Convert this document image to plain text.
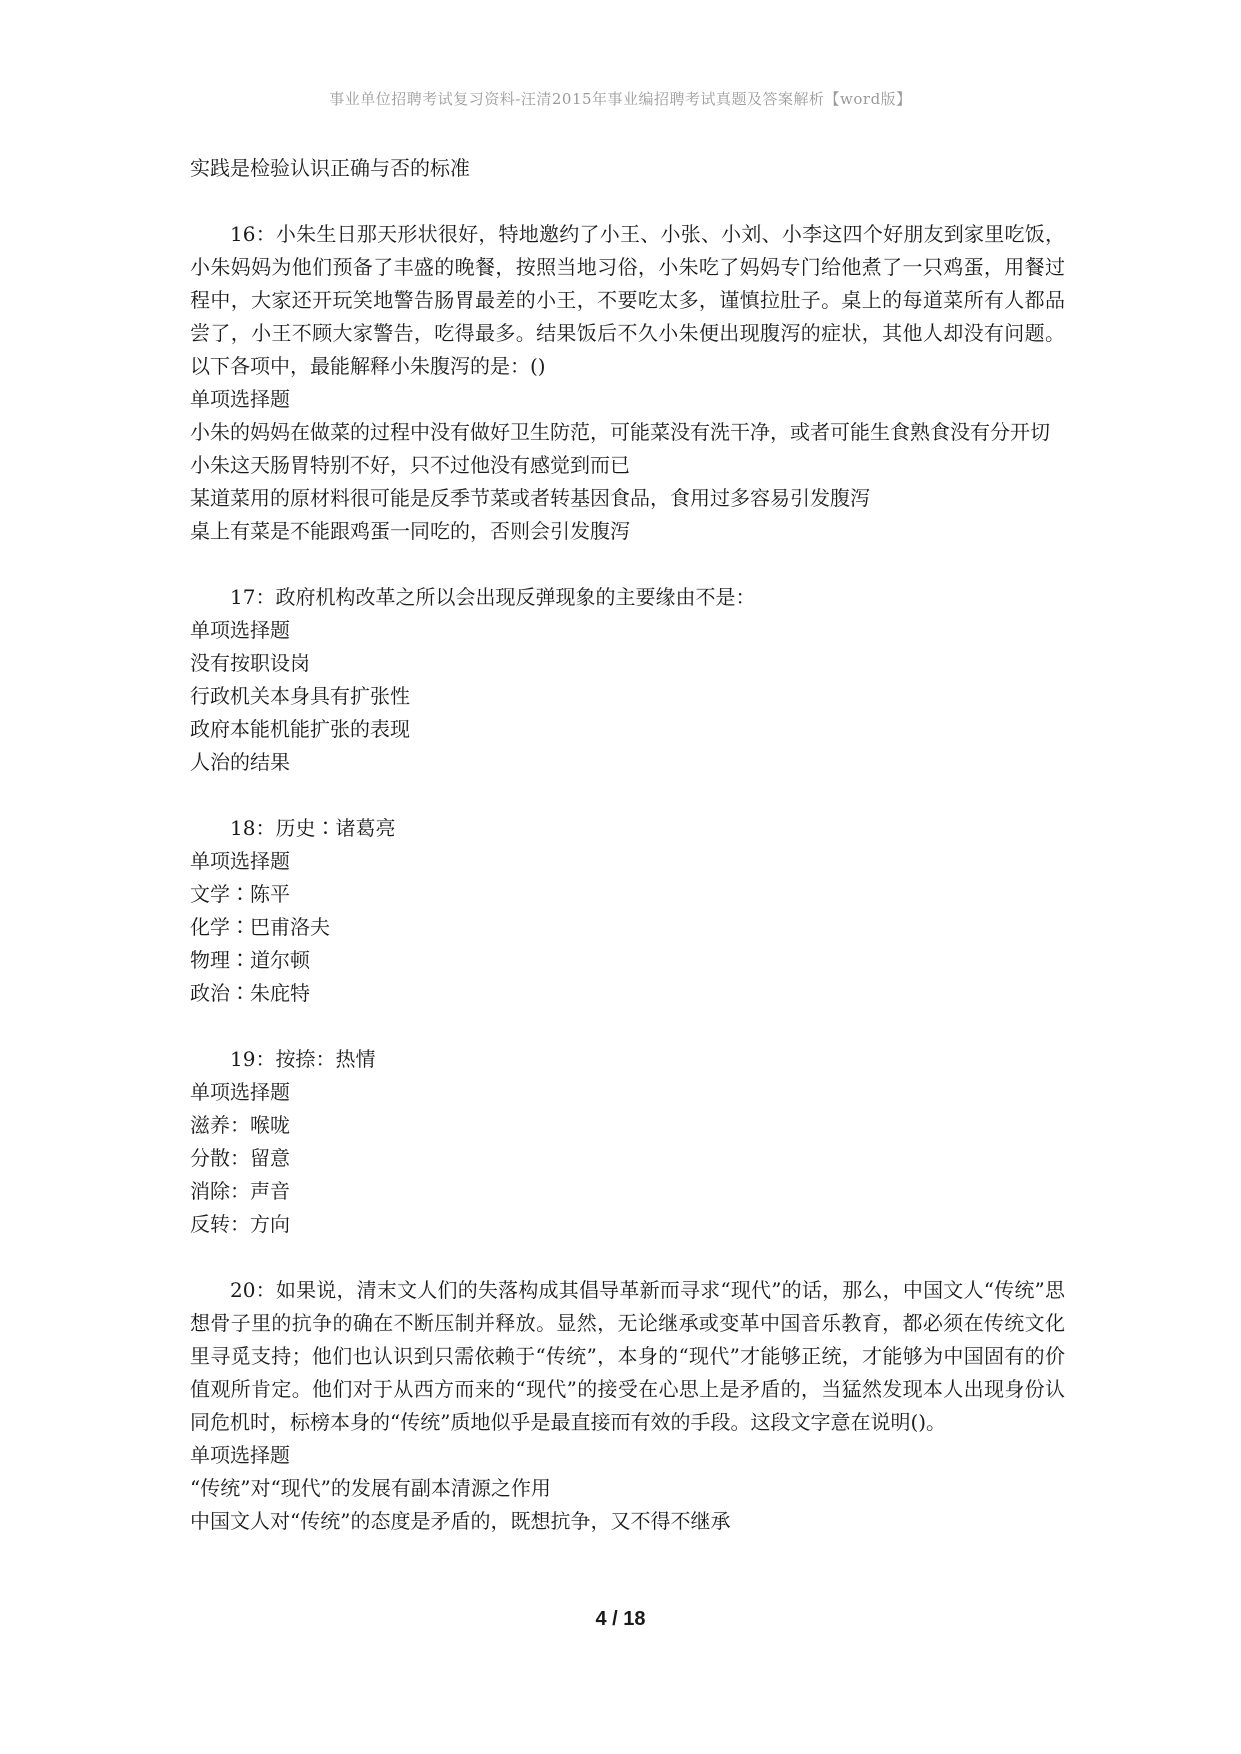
事业单位招聘考试复习资料-汪清2015年事业编招聘考试真题及答案解析【word版】
实践是检验认识正确与否的标准
16：小朱生日那天形状很好，特地邀约了小王、小张、小刘、小李这四个好朋友到家里吃饭，小朱妈妈为他们预备了丰盛的晚餐，按照当地习俗，小朱吃了妈妈专门给他煮了一只鸡蛋，用餐过程中，大家还开玩笑地警告肠胃最差的小王，不要吃太多，谨慎拉肚子。桌上的每道菜所有人都品尝了，小王不顾大家警告，吃得最多。结果饭后不久小朱便出现腹泻的症状，其他人却没有问题。以下各项中，最能解释小朱腹泻的是：()
单项选择题
小朱的妈妈在做菜的过程中没有做好卫生防范，可能菜没有洗干净，或者可能生食熟食没有分开切
小朱这天肠胃特别不好，只不过他没有感觉到而已
某道菜用的原材料很可能是反季节菜或者转基因食品，食用过多容易引发腹泻
桌上有菜是不能跟鸡蛋一同吃的，否则会引发腹泻
17：政府机构改革之所以会出现反弹现象的主要缘由不是：
单项选择题
没有按职设岗
行政机关本身具有扩张性
政府本能机能扩张的表现
人治的结果
18：历史∶诸葛亮
单项选择题
文学∶陈平
化学∶巴甫洛夫
物理∶道尔顿
政治∶朱庇特
19：按捺：热情
单项选择题
滋养：喉咙
分散：留意
消除：声音
反转：方向
20：如果说，清末文人们的失落构成其倡导革新而寻求“现代”的话，那么，中国文人“传统”思想骨子里的抗争的确在不断压制并释放。显然，无论继承或变革中国音乐教育，都必须在传统文化里寻觅支持；他们也认识到只需依赖于“传统”，本身的“现代”才能够正统，才能够为中国固有的价值观所肯定。他们对于从西方而来的“现代”的接受在心思上是矛盾的，当猛然发现本人出现身份认同危机时，标榜本身的“传统”质地似乎是最直接而有效的手段。这段文字意在说明()。
单项选择题
“传统”对“现代”的发展有副本清源之作用
中国文人对“传统”的态度是矛盾的，既想抗争，又不得不继承
4 / 18
